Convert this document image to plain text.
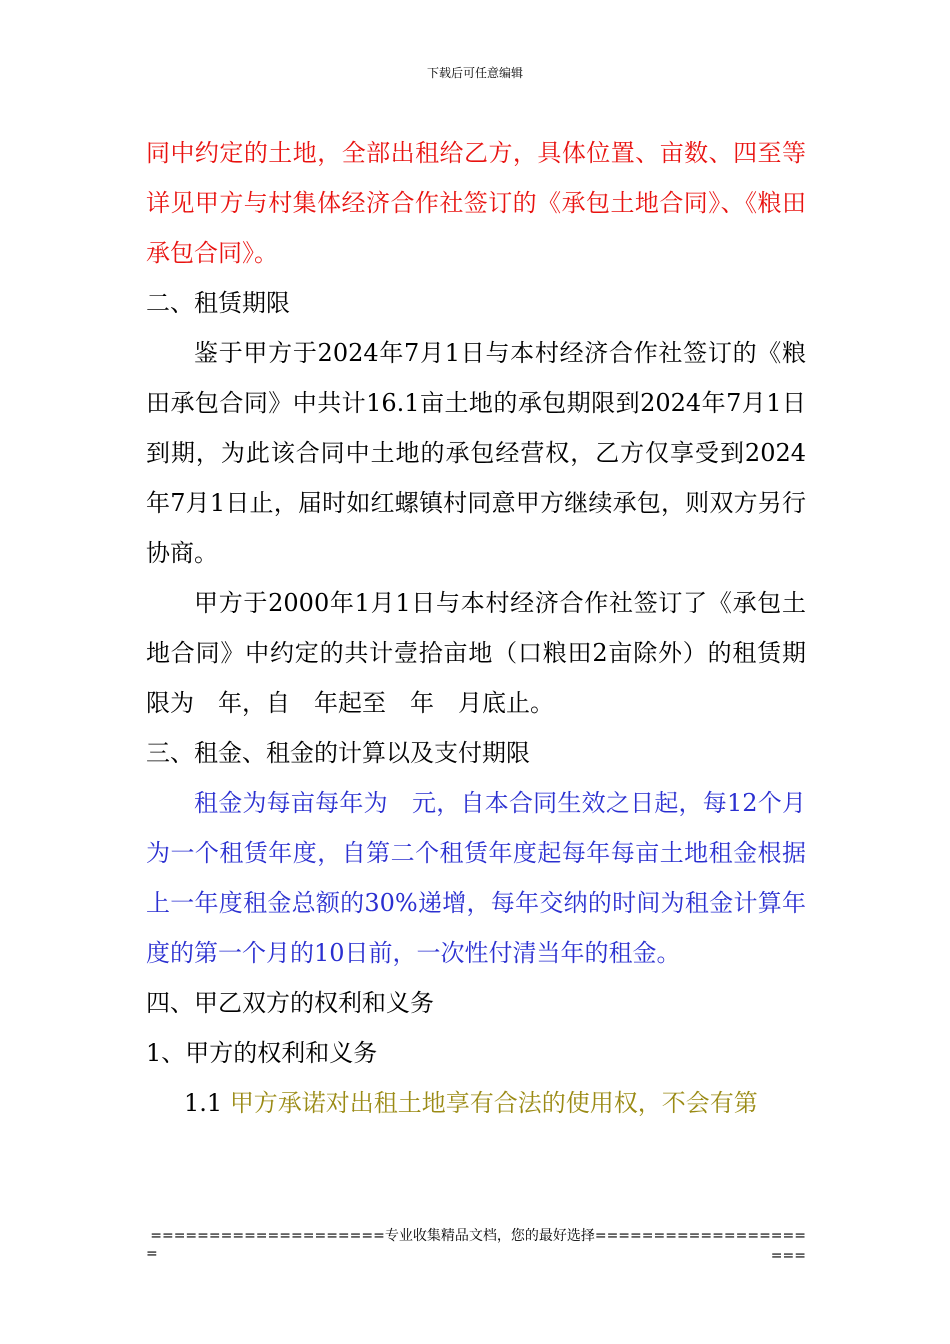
下载后可任意编辑

同中约定的土地，全部出租给乙方，具体位置、亩数、四至等详见甲方与村集体经济合作社签订的《承包土地合同》、《粮田承包合同》。

二、租赁期限

鉴于甲方于2024年7月1日与本村经济合作社签订的《粮田承包合同》中共计16.1亩土地的承包期限到2024年7月1日到期，为此该合同中土地的承包经营权，乙方仅享受到2024年7月1日止，届时如红螺镇村同意甲方继续承包，则双方另行协商。

甲方于2000年1月1日与本村经济合作社签订了《承包土地合同》中约定的共计壹拾亩地（口粮田2亩除外）的租赁期限为　年，自　年起至　年　月底止。

三、租金、租金的计算以及支付期限

租金为每亩每年为　元，自本合同生效之日起，每12个月为一个租赁年度，自第二个租赁年度起每年每亩土地租金根据上一年度租金总额的30%递增，每年交纳的时间为租金计算年度的第一个月的10日前，一次性付清当年的租金。

四、甲乙双方的权利和义务

1、甲方的权利和义务

1.1 甲方承诺对出租土地享有合法的使用权，不会有第

====================专业收集精品文档，您的最好选择=====================
=
